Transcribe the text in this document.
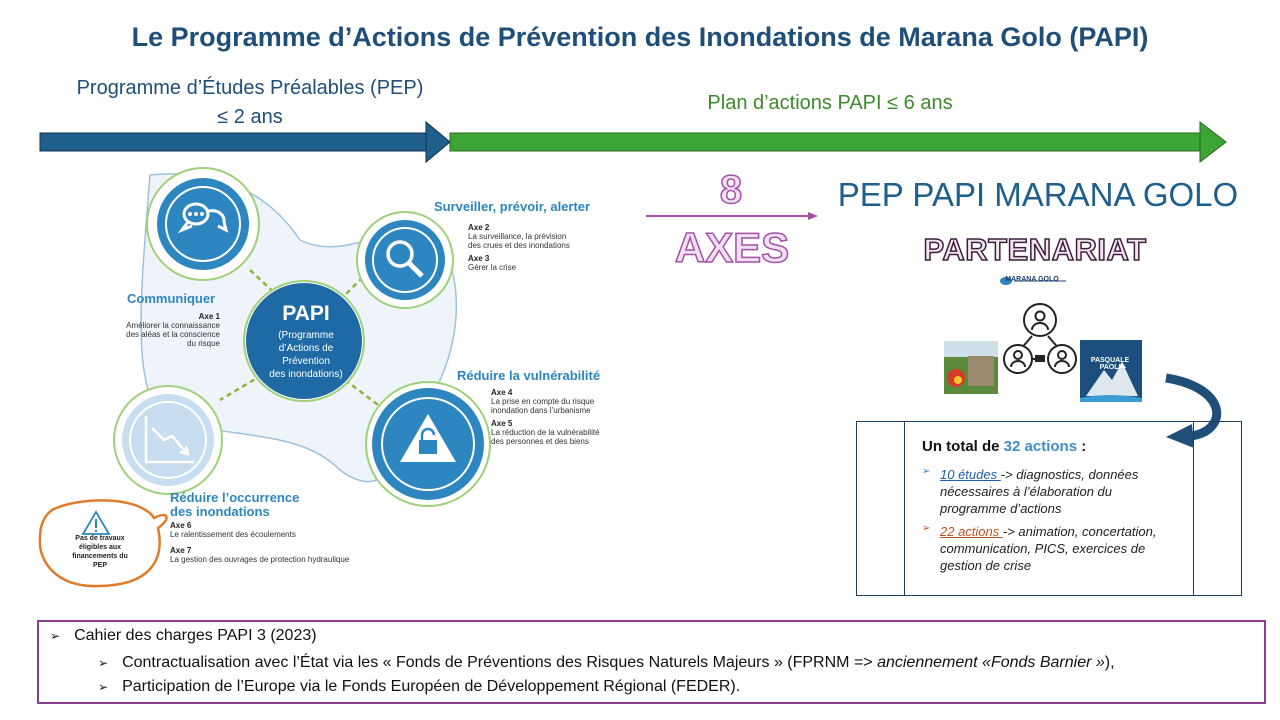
Le Programme d’Actions de Prévention des Inondations de Marana Golo (PAPI)
Programme d’Études Préalables (PEP)
≤ 2 ans
Plan d’actions PAPI ≤ 6 ans
Communiquer
Axe 1
Améliorer la connaissance
des aléas et la conscience
du risque
Surveiller, prévoir, alerter
Axe 2
La surveillance, la prévision
des crues et des inondations
Axe 3
Gérer la crise
Réduire la vulnérabilité
Axe 4
La prise en compte du risque
inondation dans l’urbanisme
Axe 5
La réduction de la vulnérabilité
des personnes et des biens
Réduire l’occurrence
des inondations
Axe 6
Le ralentissement des écoulements
Axe 7
La gestion des ouvrages de protection hydraulique
PAPI
(Programme
d’Actions de
Prévention
des inondations)
Pas de travaux
éligibles aux
financements du
PEP
8
AXES
PEP PAPI MARANA GOLO
PARTENARIAT
MARANA GOLO
PASQUALE PAOLI
Un total de 32 actions :
➢ 10 études -> diagnostics, données nécessaires à l’élaboration du programme d’actions
➢ 22 actions -> animation, concertation, communication, PICS, exercices de gestion de crise
➢ Cahier des charges PAPI 3 (2023)
➢ Contractualisation avec l’État via les « Fonds de Préventions des Risques Naturels Majeurs » (FPRNM => anciennement «Fonds Barnier »),
➢ Participation de l’Europe via le Fonds Européen de Développement Régional (FEDER).
